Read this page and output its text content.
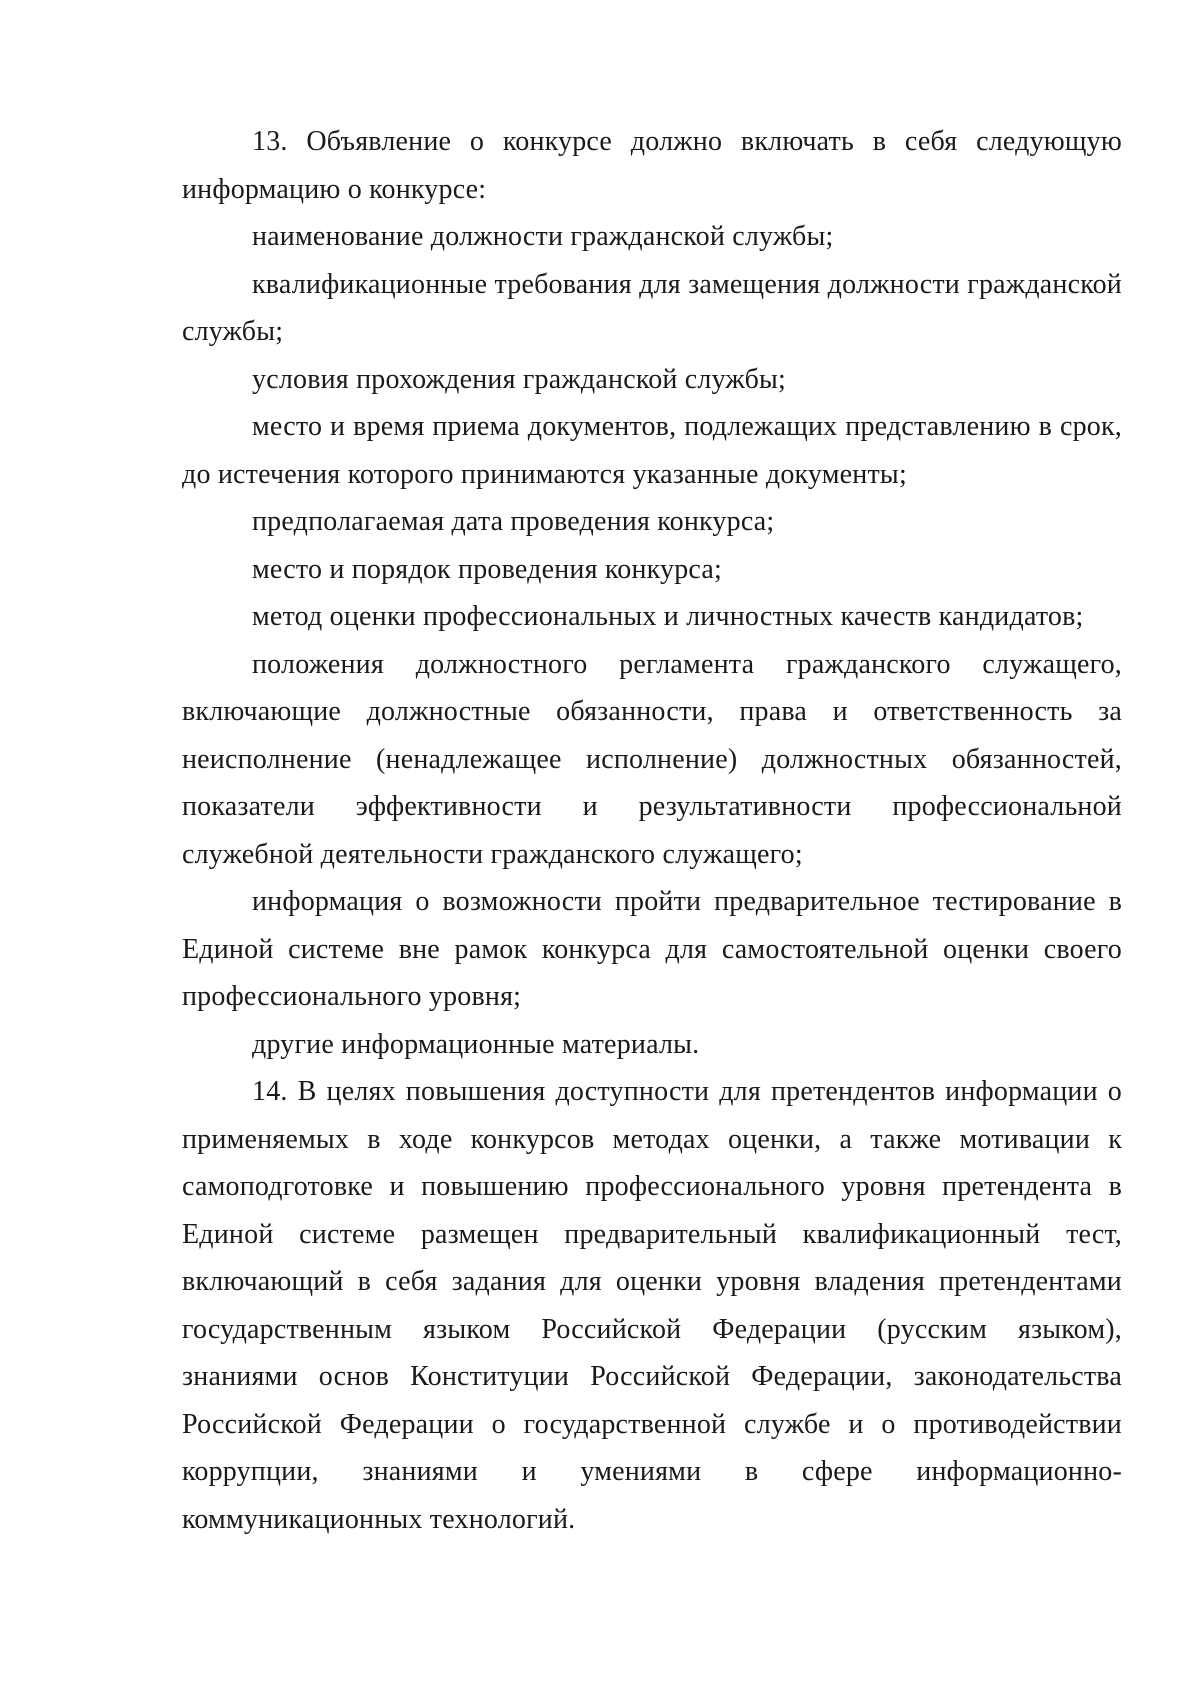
13. Объявление о конкурсе должно включать в себя следующую информацию о конкурсе:

наименование должности гражданской службы;

квалификационные требования для замещения должности гражданской службы;

условия прохождения гражданской службы;

место и время приема документов, подлежащих представлению в срок, до истечения которого принимаются указанные документы;

предполагаемая дата проведения конкурса;

место и порядок проведения конкурса;

метод оценки профессиональных и личностных качеств кандидатов;

положения должностного регламента гражданского служащего, включающие должностные обязанности, права и ответственность за неисполнение (ненадлежащее исполнение) должностных обязанностей, показатели эффективности и результативности профессиональной служебной деятельности гражданского служащего;

информация о возможности пройти предварительное тестирование в Единой системе вне рамок конкурса для самостоятельной оценки своего профессионального уровня;

другие информационные материалы.

14. В целях повышения доступности для претендентов информации о применяемых в ходе конкурсов методах оценки, а также мотивации к самоподготовке и повышению профессионального уровня претендента в Единой системе размещен предварительный квалификационный тест, включающий в себя задания для оценки уровня владения претендентами государственным языком Российской Федерации (русским языком), знаниями основ Конституции Российской Федерации, законодательства Российской Федерации о государственной службе и о противодействии коррупции, знаниями и умениями в сфере информационно-коммуникационных технологий.
